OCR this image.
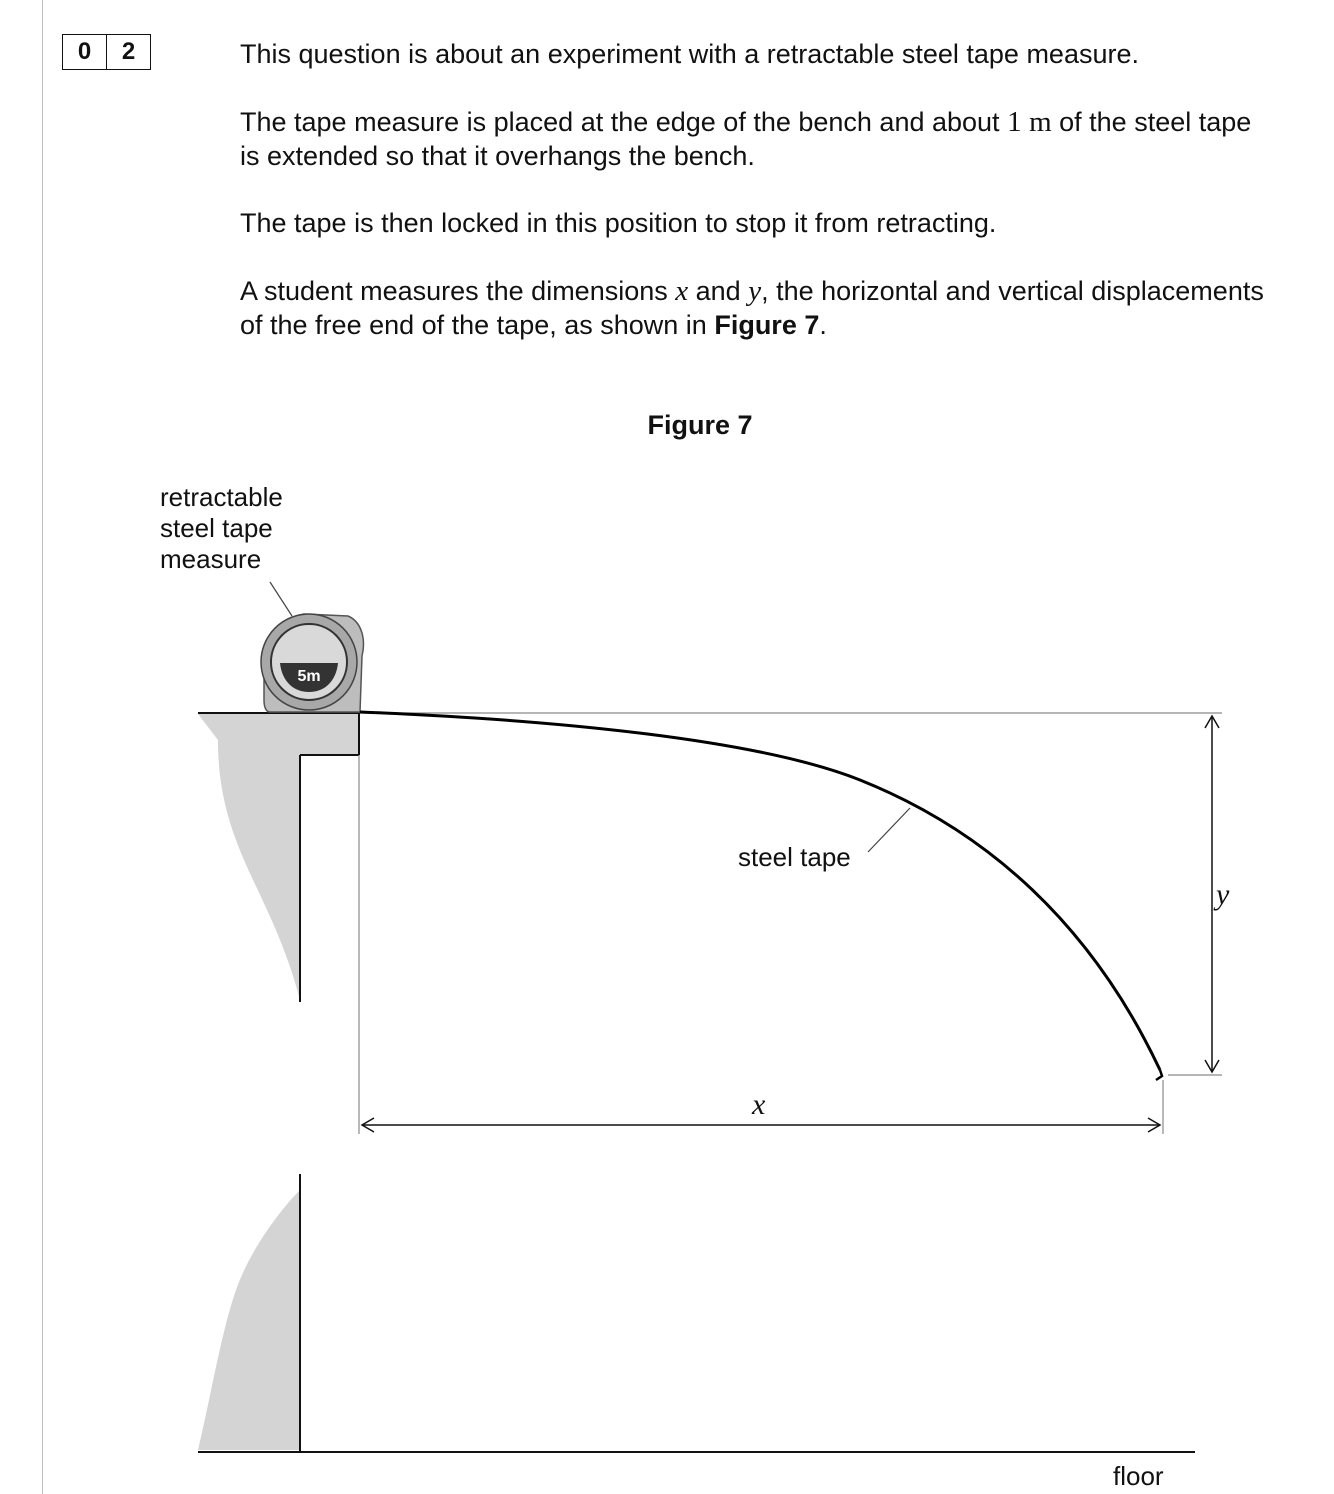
0	2	This question is about an experiment with a retractable steel tape measure.

The tape measure is placed at the edge of the bench and about 1 m of the steel tape
is extended so that it overhangs the bench.

The tape is then locked in this position to stop it from retracting.

A student measures the dimensions x and y, the horizontal and vertical displacements
of the free end of the tape, as shown in Figure 7.

Figure 7
5m

retractable
steel tape
measure

steel tape
x
y
floor
